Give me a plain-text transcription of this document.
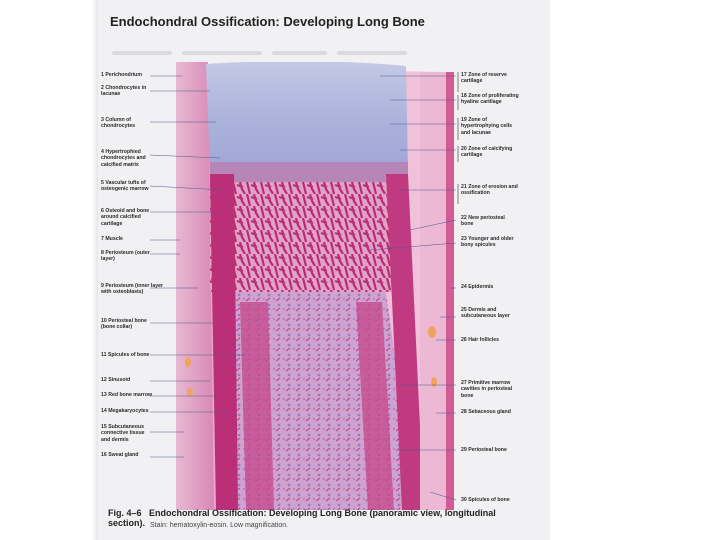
Endochondral Ossification: Developing Long Bone
1 Perichondrium
2 Chondrocytes in
lacunae
3 Column of
chondrocytes
4 Hypertrophied
chondrocytes and
calcified matrix
5 Vascular tufts of
osteogenic marrow
6 Osteoid and bone
around calcified
cartilage
7 Muscle
8 Periosteum (outer
layer)
9 Periosteum (inner layer
with osteoblasts)
10 Periosteal bone
(bone collar)
11 Spicules of bone
12 Sinusoid
13 Red bone marrow
14 Megakaryocytes
15 Subcutaneous
connective tissue
and dermis
16 Sweat gland
17 Zone of reserve
cartilage
18 Zone of proliferating
hyaline cartilage
19 Zone of
hypertrophying cells
and lacunae
20 Zone of calcifying
cartilage
21 Zone of erosion and
ossification
22 New periosteal
bone
23 Younger and older
bony spicules
24 Epidermis
25 Dermis and
subcutaneous layer
26 Hair follicles
27 Primitive marrow
cavities in periosteal
bone
28 Sebaceous gland
29 Periosteal bone
30 Spicules of bone
Fig. 4–6 Endochondral Ossification: Developing Long Bone (panoramic view, longitudinal
section). Stain: hematoxylin-eosin. Low magnification.
